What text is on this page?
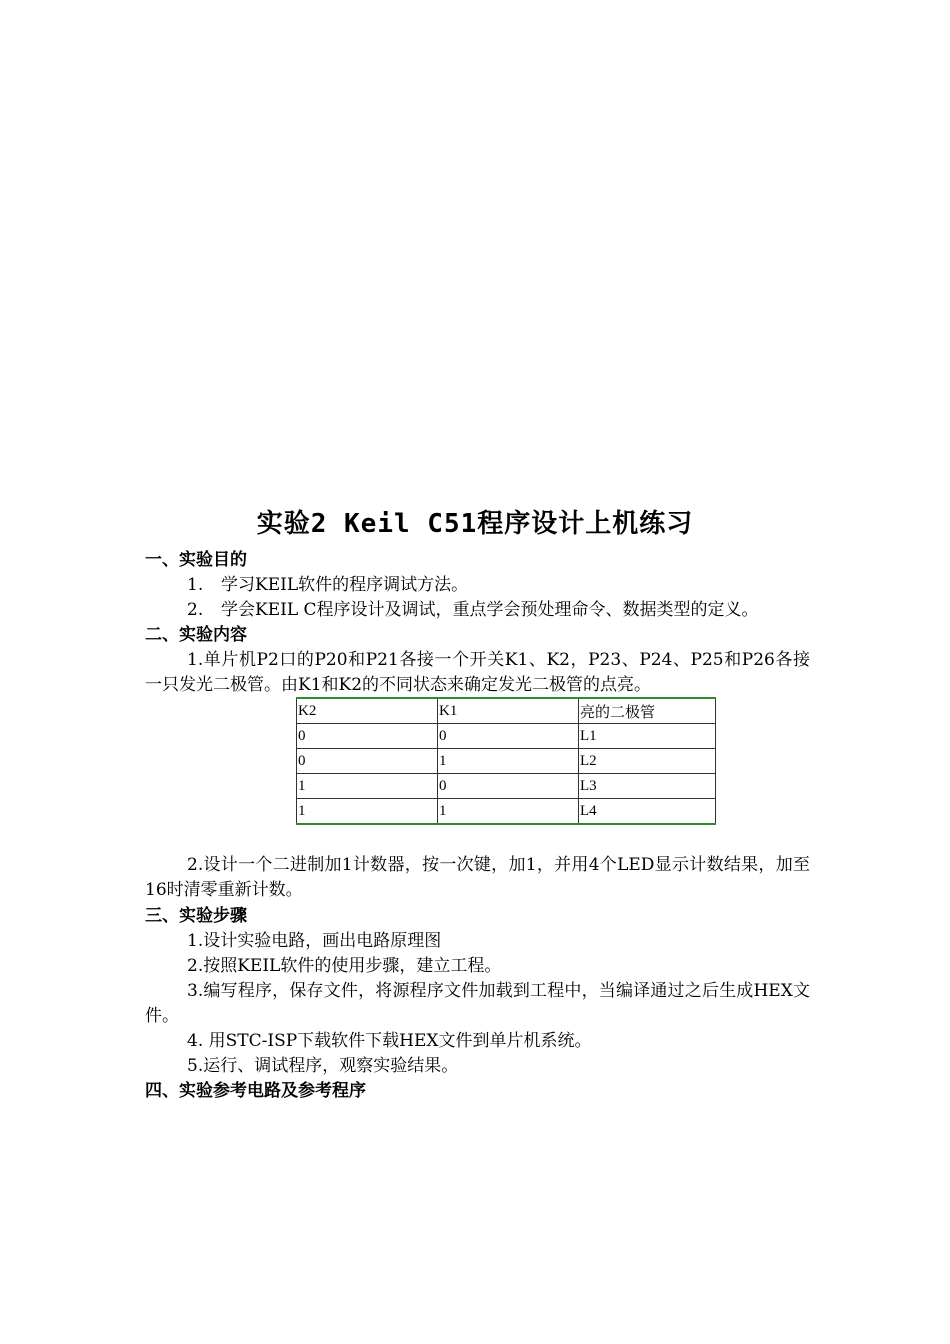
实验2 Keil C51程序设计上机练习
一、实验目的
1. 学习KEIL软件的程序调试方法。
2. 学会KEIL C程序设计及调试，重点学会预处理命令、数据类型的定义。
二、实验内容
1.单片机P2口的P20和P21各接一个开关K1、K2，P23、P24、P25和P26各接一只发光二极管。由K1和K2的不同状态来确定发光二极管的点亮。
K2	K1	亮的二极管
0	0	L1
0	1	L2
1	0	L3
1	1	L4
2.设计一个二进制加1计数器，按一次键，加1，并用4个LED显示计数结果，加至16时清零重新计数。
三、实验步骤
1.设计实验电路，画出电路原理图
2.按照KEIL软件的使用步骤，建立工程。
3.编写程序，保存文件，将源程序文件加载到工程中，当编译通过之后生成HEX文件。
4. 用STC-ISP下载软件下载HEX文件到单片机系统。
5.运行、调试程序，观察实验结果。
四、实验参考电路及参考程序
